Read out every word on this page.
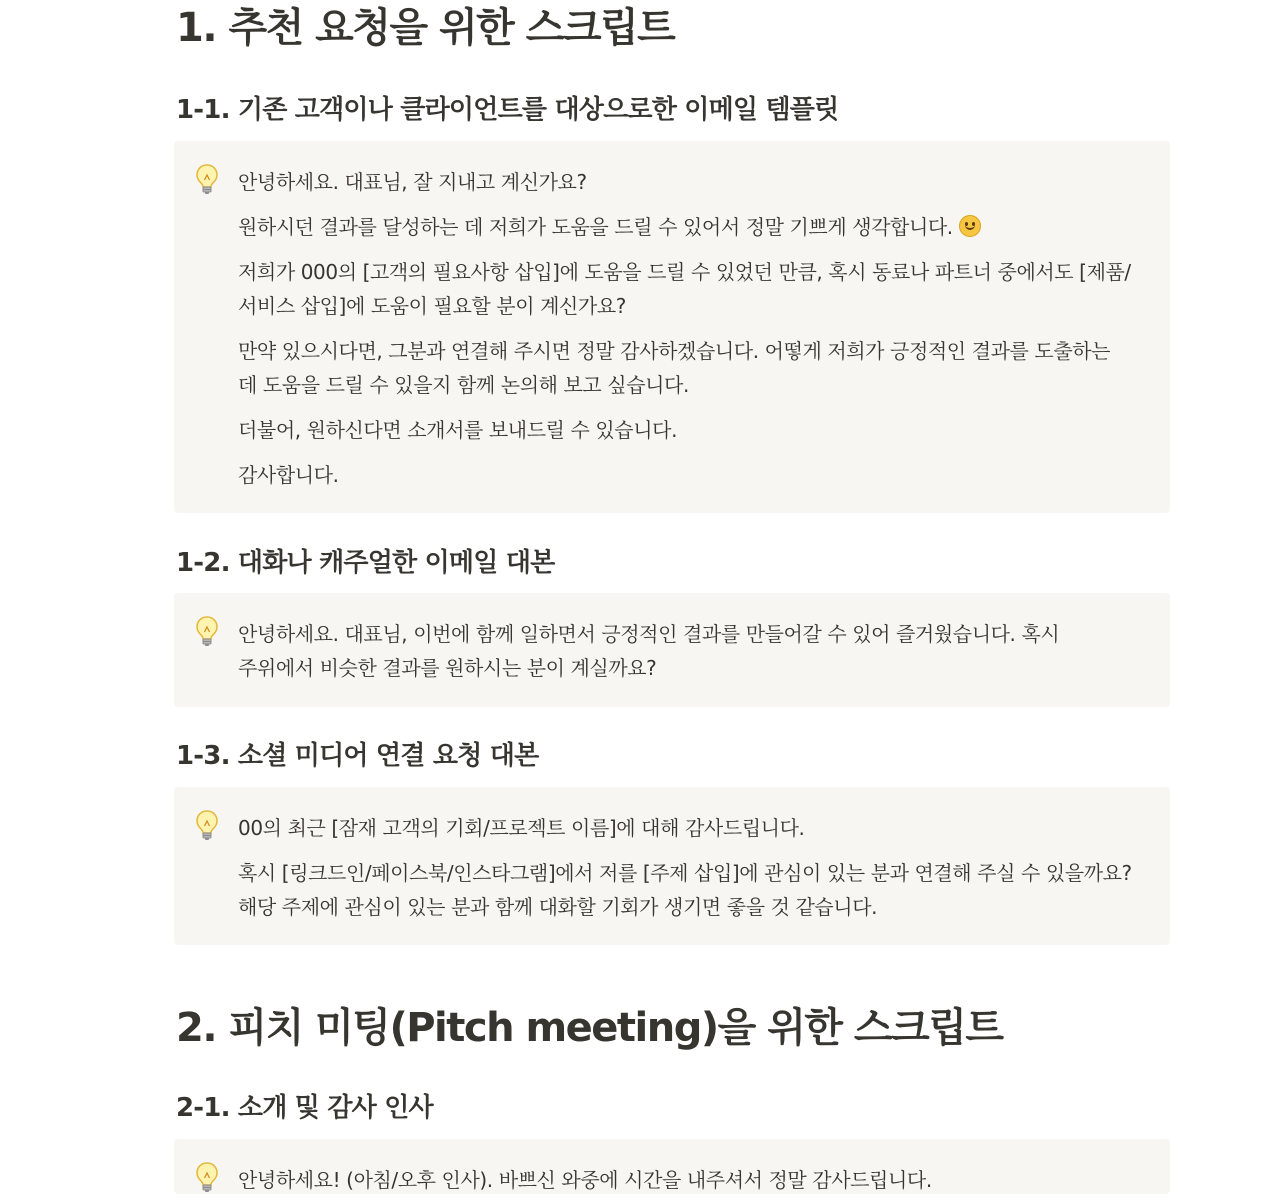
1. 추천 요청을 위한 스크립트
1-1. 기존 고객이나 클라이언트를 대상으로한 이메일 템플릿

안녕하세요. 대표님, 잘 지내고 계신가요?

원하시던 결과를 달성하는 데 저희가 도움을 드릴 수 있어서 정말 기쁘게 생각합니다.

저희가 000의 [고객의 필요사항 삽입]에 도움을 드릴 수 있었던 만큼, 혹시 동료나 파트너 중에서도 [제품/서비스 삽입]에 도움이 필요할 분이 계신가요?

만약 있으시다면, 그분과 연결해 주시면 정말 감사하겠습니다. 어떻게 저희가 긍정적인 결과를 도출하는 데 도움을 드릴 수 있을지 함께 논의해 보고 싶습니다.

더불어, 원하신다면 소개서를 보내드릴 수 있습니다.

감사합니다.

1-2. 대화나 캐주얼한 이메일 대본

안녕하세요. 대표님, 이번에 함께 일하면서 긍정적인 결과를 만들어갈 수 있어 즐거웠습니다. 혹시 주위에서 비슷한 결과를 원하시는 분이 계실까요?

1-3. 소셜 미디어 연결 요청 대본

00의 최근 [잠재 고객의 기회/프로젝트 이름]에 대해 감사드립니다.

혹시 [링크드인/페이스북/인스타그램]에서 저를 [주제 삽입]에 관심이 있는 분과 연결해 주실 수 있을까요? 해당 주제에 관심이 있는 분과 함께 대화할 기회가 생기면 좋을 것 같습니다.

2. 피치 미팅(Pitch meeting)을 위한 스크립트
2-1. 소개 및 감사 인사

안녕하세요! (아침/오후 인사). 바쁘신 와중에 시간을 내주셔서 정말 감사드립니다.
